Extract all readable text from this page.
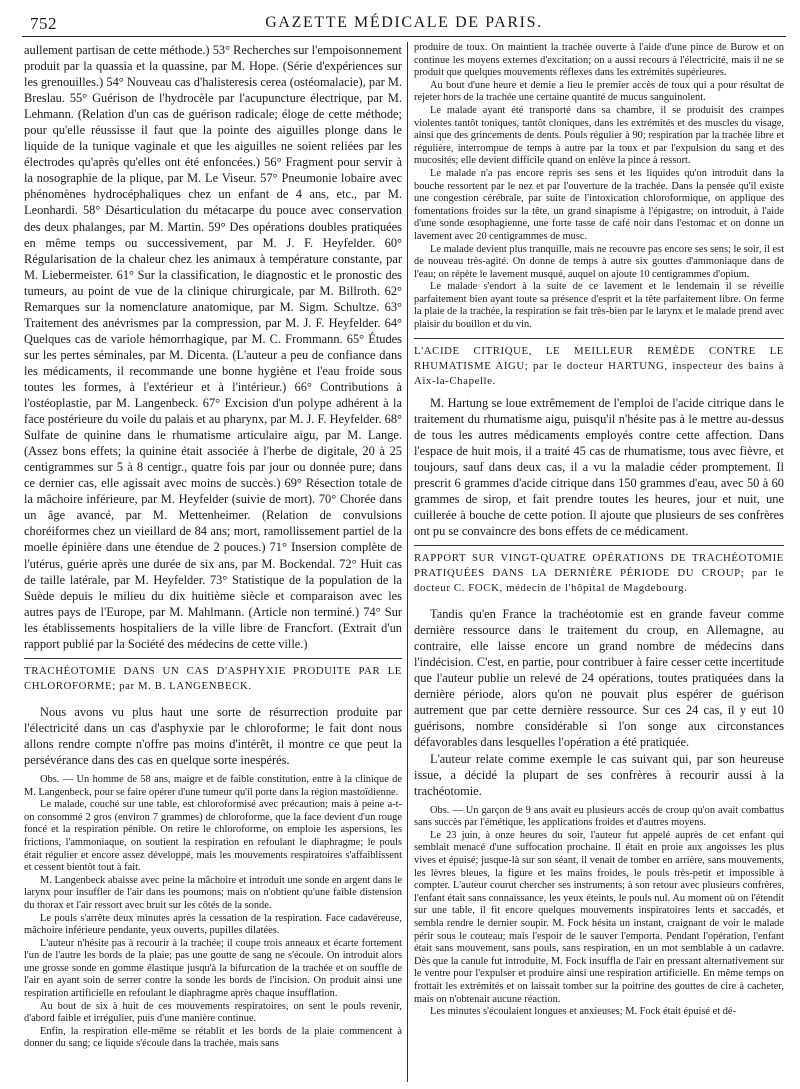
752	GAZETTE MÉDICALE DE PARIS.

aullement partisan de cette méthode.) 53° Recherches sur l'empoisonnement produit par la quassia et la quassine, par M. Hope. (Série d'expériences sur les grenouilles.) 54° Nouveau cas d'halisteresis cerea (ostéomalacie), par M. Breslau. 55° Guérison de l'hydrocèle par l'acupuncture électrique, par M. Lehmann. (Relation d'un cas de guérison radicale; éloge de cette méthode; pour qu'elle réussisse il faut que la pointe des aiguilles plonge dans le liquide de la tunique vaginale et que les aiguilles ne soient reliées par les électrodes qu'après qu'elles ont été enfoncées.) 56° Fragment pour servir à la nosographie de la plique, par M. Le Viseur. 57° Pneumonie lobaire avec phénomènes hydrocéphaliques chez un enfant de 4 ans, etc., par M. Leonhardi. 58° Désarticulation du métacarpe du pouce avec conservation des deux phalanges, par M. Martin. 59° Des opérations doubles pratiquées en même temps ou successivement, par M. J. F. Heyfelder. 60° Régularisation de la chaleur chez les animaux à température constante, par M. Liebermeister. 61° Sur la classification, le diagnostic et le pronostic des tumeurs, au point de vue de la clinique chirurgicale, par M. Billroth. 62° Remarques sur la nomenclature anatomique, par M. Sigm. Schultze. 63° Traitement des anévrismes par la compression, par M. J. F. Heyfelder. 64° Quelques cas de variole hémorrhagique, par M. C. Frommann. 65° Études sur les pertes séminales, par M. Dicenta. (L'auteur a peu de confiance dans les médicaments, il recommande une bonne hygiène et l'eau froide sous toutes les formes, à l'extérieur et à l'intérieur.) 66° Contributions à l'ostéoplastie, par M. Langenbeck. 67° Excision d'un polype adhérent à la face postérieure du voile du palais et au pharynx, par M. J. F. Heyfelder. 68° Sulfate de quinine dans le rhumatisme articulaire aigu, par M. Lange. (Assez bons effets; la quinine était associée à l'herbe de digitale, 20 à 25 centigrammes sur 5 à 8 centigr., quatre fois par jour ou donnée pure; dans ce dernier cas, elle agissait avec moins de succès.) 69° Résection totale de la mâchoire inférieure, par M. Heyfelder (suivie de mort). 70° Chorée dans un âge avancé, par M. Mettenheimer. (Relation de convulsions choréiformes chez un vieillard de 84 ans; mort, ramollissement partiel de la moelle épinière dans une étendue de 2 pouces.) 71° Insersion complète de l'utérus, guérie après une durée de six ans, par M. Bockendal. 72° Huit cas de taille latérale, par M. Heyfelder. 73° Statistique de la population de la Suède depuis le milieu du dix huitième siècle et comparaison avec les autres pays de l'Europe, par M. Mahlmann. (Article non terminé.) 74° Sur les établissements hospitaliers de la ville libre de Francfort. (Extrait d'un rapport publié par la Société des médecins de cette ville.)

TRACHÉOTOMIE DANS UN CAS D'ASPHYXIE PRODUITE PAR LE CHLOROFORME; par M. B. LANGENBECK.

Nous avons vu plus haut une sorte de résurrection produite par l'électricité dans un cas d'asphyxie par le chloroforme; le fait dont nous allons rendre compte n'offre pas moins d'intérêt, il montre ce que peut la persévérance dans des cas en quelque sorte inespérés.

Obs. — Un homme de 58 ans, maigre et de faible constitution, entre à la clinique de M. Langenbeck, pour se faire opérer d'une tumeur qu'il porte dans la région mastoïdienne.

Le malade, couché sur une table, est chloroformisé avec précaution; mais à peine a-t-on consommé 2 gros (environ 7 grammes) de chloroforme, que la face devient d'un rouge foncé et la respiration pénible. On retire le chloroforme, on emploie les aspersions, les frictions, l'ammoniaque, on soutient la respiration en refoulant le diaphragme; le pouls était régulier et encore assez développé, mais les mouvements respiratoires s'affaiblissent et cessent bientôt tout à fait.

M. Langenbeck abaisse avec peine la mâchoire et introduit une sonde en argent dans le larynx pour insuffler de l'air dans les poumons; mais on n'obtient qu'une faible distension du thorax et l'air ressort avec bruit sur les côtés de la sonde.

Le pouls s'arrête deux minutes après la cessation de la respiration. Face cadavéreuse, mâchoire inférieure pendante, yeux ouverts, pupilles dilatées.

L'auteur n'hésite pas à recourir à la trachée; il coupe trois anneaux et écarte fortement l'un de l'autre les bords de la plaie; pas une goutte de sang ne s'écoule. On introduit alors une grosse sonde en gomme élastique jusqu'à la bifurcation de la trachée et on souffle de l'air en ayant soin de serrer contre la sonde les bords de l'incision. On produit ainsi une respiration artificielle en refoulant le diaphragme après chaque insufflation.

Au bout de six à huit de ces mouvements respiratoires, on sent le pouls revenir, d'abord faible et irrégulier, puis d'une manière continue.

Enfin, la respiration elle-même se rétablit et les bords de la plaie commencent à donner du sang; ce liquide s'écoule dans la trachée, mais sans

produire de toux. On maintient la trachée ouverte à l'aide d'une pince de Burow et on continue les moyens externes d'excitation; on a aussi recours à l'électricité, mais il ne se produit que quelques mouvements réflexes dans les extrémités supérieures.

Au bout d'une heure et demie a lieu le premier accès de toux qui a pour résultat de rejeter hors de la trachée une certaine quantité de mucus sanguinolent.

Le malade ayant été transporté dans sa chambre, il se produisit des crampes violentes tantôt toniques, tantôt cloniques, dans les extrémités et des muscles du visage, ainsi que des grincements de dents. Pouls régulier à 90; respiration par la trachée libre et régulière, interrompue de temps à autre par la toux et par l'expulsion du sang et des mucosités; elle devient difficile quand on enlève la pince à ressort.

Le malade n'a pas encore repris ses sens et les liquides qu'on introduit dans la bouche ressortent par le nez et par l'ouverture de la trachée. Dans la pensée qu'il existe une congestion cérébrale, par suite de l'intoxication chloroformique, on applique des fomentations froides sur la tête, un grand sinapisme à l'épigastre; on introduit, à l'aide d'une sonde œsophagienne, une forte tasse de café noir dans l'estomac et on donne un lavement avec 20 centigrammes de musc.

Le malade devient plus tranquille, mais ne recouvre pas encore ses sens; le soir, il est de nouveau très-agité. On donne de temps à autre six gouttes d'ammoniaque dans de l'eau; on répète le lavement musqué, auquel on ajoute 10 centigrammes d'opium.

Le malade s'endort à la suite de ce lavement et le lendemain il se réveille parfaitement bien ayant toute sa présence d'esprit et la tête parfaitement libre. On ferme la plaie de la trachée, la respiration se fait très-bien par le larynx et le malade prend avec plaisir du bouillon et du vin.

L'ACIDE CITRIQUE, LE MEILLEUR REMÈDE CONTRE LE RHUMATISME AIGU; par le docteur HARTUNG, inspecteur des bains à Aix-la-Chapelle.

M. Hartung se loue extrêmement de l'emploi de l'acide citrique dans le traitement du rhumatisme aigu, puisqu'il n'hésite pas à le mettre au-dessus de tous les autres médicaments employés contre cette affection. Dans l'espace de huit mois, il a traité 45 cas de rhumatisme, tous avec fièvre, et toujours, sauf dans deux cas, il a vu la maladie céder promptement. Il prescrit 6 grammes d'acide citrique dans 150 grammes d'eau, avec 50 à 60 grammes de sirop, et fait prendre toutes les heures, jour et nuit, une cuillerée à bouche de cette potion. Il ajoute que plusieurs de ses confrères ont pu se convaincre des bons effets de ce médicament.

RAPPORT SUR VINGT-QUATRE OPÉRATIONS DE TRACHÉOTOMIE PRATIQUÉES DANS LA DERNIÈRE PÉRIODE DU CROUP; par le docteur C. FOCK, médecin de l'hôpital de Magdebourg.

Tandis qu'en France la trachéotomie est en grande faveur comme dernière ressource dans le traitement du croup, en Allemagne, au contraire, elle laisse encore un grand nombre de médecins dans l'indécision. C'est, en partie, pour contribuer à faire cesser cette incertitude que l'auteur publie un relevé de 24 opérations, toutes pratiquées dans la dernière période, alors qu'on ne pouvait plus espérer de guérison autrement que par cette dernière ressource. Sur ces 24 cas, il y eut 10 guérisons, nombre considérable si l'on songe aux circonstances défavorables dans lesquelles l'opération a été pratiquée.

L'auteur relate comme exemple le cas suivant qui, par son heureuse issue, a décidé la plupart de ses confrères à recourir aussi à la trachéotomie.

Obs. — Un garçon de 9 ans avait eu plusieurs accès de croup qu'on avait combattus sans succès par l'émétique, les applications froides et d'autres moyens.

Le 23 juin, à onze heures du soir, l'auteur fut appelé auprès de cet enfant qui semblait menacé d'une suffocation prochaine. Il était en proie aux angoisses les plus vives et épuisé; jusque-là sur son séant, il venait de tomber en arrière, sans mouvements, les lèvres bleues, la figure et les mains froides, le pouls très-petit et impossible à compter. L'auteur courut chercher ses instruments; à son retour avec plusieurs confrères, l'enfant était sans connaissance, les yeux éteints, le pouls nul. Au moment où on l'étendit sur une table, il fit encore quelques mouvements inspiratoires lents et saccadés, et sembla rendre le dernier soupir. M. Fock hésita un instant, craignant de voir le malade périr sous le couteau; mais l'espoir de le sauver l'emporta. Pendant l'opération, l'enfant était sans mouvement, sans pouls, sans respiration, en un mot semblable à un cadavre. Dès que la canule fut introduite, M. Fock insuffla de l'air en pressant alternativement sur le ventre pour l'expulser et produire ainsi une respiration artificielle. En même temps on frottait les extrémités et on laissait tomber sur la poitrine des gouttes de cire à cacheter, mais on n'obtenait aucune réaction.

Les minutes s'écoulaient longues et anxieuses; M. Fock était épuisé et dé-
